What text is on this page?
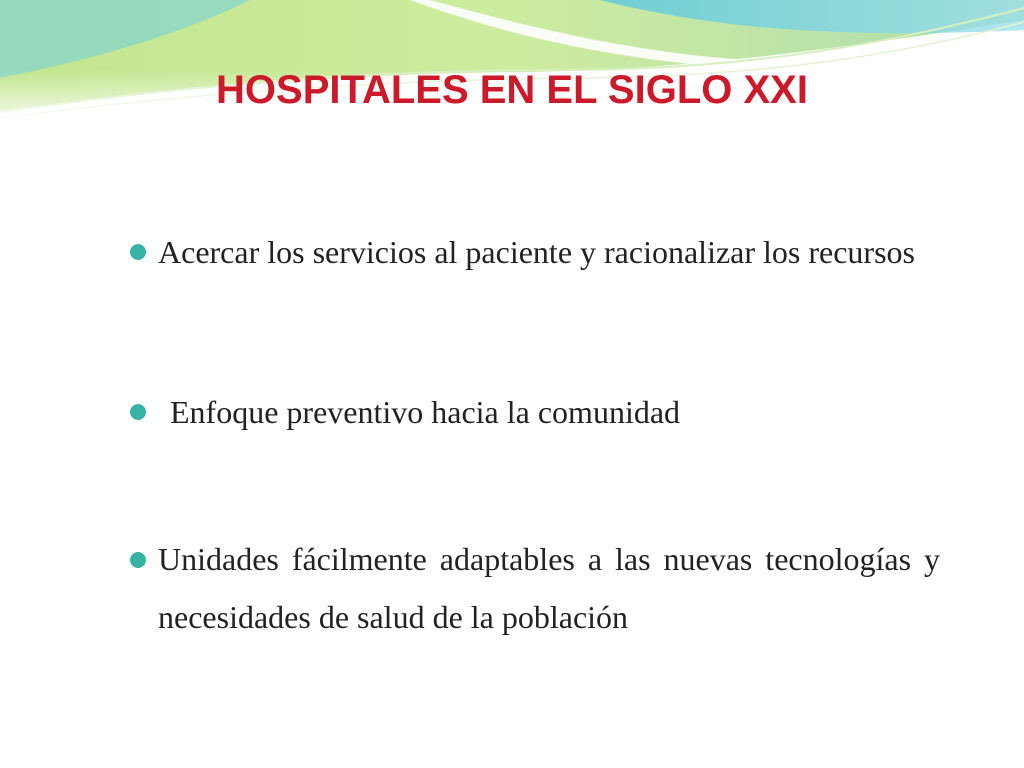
HOSPITALES EN EL SIGLO XXI
Acercar los servicios al paciente y racionalizar los recursos
Enfoque preventivo hacia la comunidad
Unidades fácilmente adaptables a las nuevas tecnologías y necesidades de salud de la población
